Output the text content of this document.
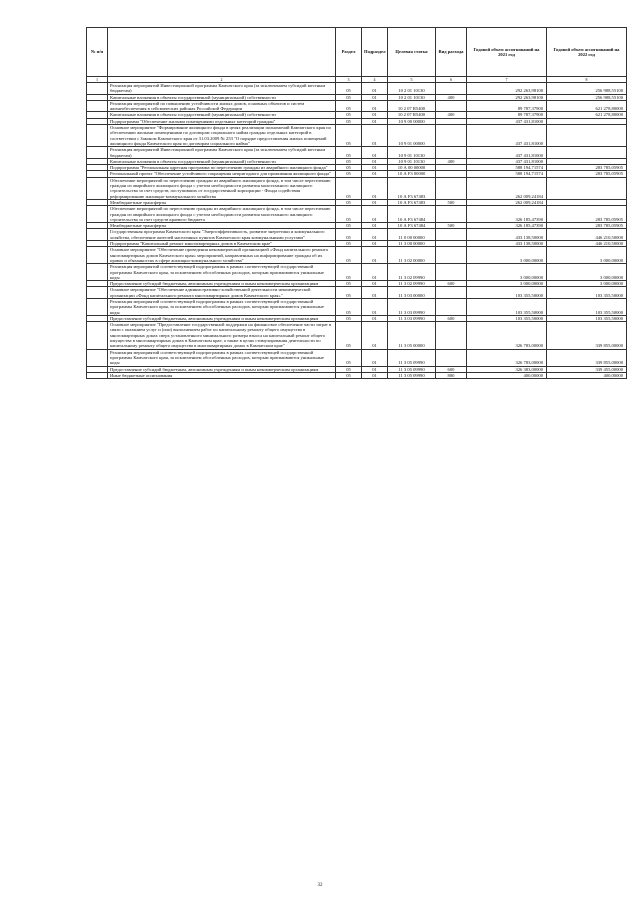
№ п/п		Раздел	Подраздел	Целевая статья	Вид расхода	Годовой объем ассигнований на 2021 год	Годовой объем ассигнований на 2022 год
1	2	3	4	5	6	7	8
	Реализация мероприятий Инвестиционной программы Камчатского края (за исключением субсидий местным бюджетам)	05	01	10 2 01 10130		292 263,98100	256 988,55100
	Капитальные вложения в объекты государственной (муниципальной) собственности	05	01	10 2 01 10130	400	292 263,98100	256 988,55100
	Реализация мероприятий по повышению устойчивости жилых домов, основных объектов и систем жизнеобеспечения в сейсмических районах Российской Федерации	05	01	10 2 07 R5400		89 787,37900	621 278,80000
	Капитальные вложения в объекты государственной (муниципальной) собственности	05	01	10 2 07 R5400	400	89 787,37900	621 278,80000
	Подпрограмма "Обеспечение жилыми помещениями отдельных категорий граждан"	05	01	10 9 00 00000		437 431,81000	
	Основное мероприятие "Формирование жилищного фонда в целях реализации полномочий Камчатского края по обеспечению жилыми помещениями по договорам социального найма граждан отдельных категорий в соответствии с Законом Камчатского края от 31.03.2009 № 253 "О порядке предоставления жилых помещений жилищного фонда Камчатского края по договорам социального найма"	05	01	10 9 01 00000		437 431,81000	
	Реализация мероприятий Инвестиционной программы Камчатского края (за исключением субсидий местным бюджетам)	05	01	10 9 01 10130		437 431,81000	
	Капитальные вложения в объекты государственной (муниципальной) собственности	05	01	10 9 01 10130	400	437 431,81000	
	Подпрограмма "Региональная адресная программа по переселению граждан из аварийного жилищного фонда"	05	01	10 А 00 00000		588 194,71574	283 785,05905
	Региональный проект "Обеспечение устойчивого сокращения непригодного для проживания жилищного фонда"	05	01	10 А F3 00000		588 194,71574	283 785,05905
	Обеспечение мероприятий по переселению граждан из аварийного жилищного фонда, в том числе переселению граждан из аварийного жилищного фонда с учетом необходимости развития малоэтажного жилищного строительства за счет средств, поступивших от государственной корпорации - Фонда содействия реформированию жилищно-коммунального хозяйства	05	01	10 А F3 67483		262 009,24184	
	Межбюджетные трансферты	05	01	10 А F3 67483	500	262 009,24184	
	Обеспечение мероприятий по переселению граждан из аварийного жилищного фонда, в том числе переселению граждан из аварийного жилищного фонда с учетом необходимости развития малоэтажного жилищного строительства за счет средств краевого бюджета	05	01	10 А F3 67484		326 185,47390	283 785,05905
	Межбюджетные трансферты	05	01	10 А F3 67484	500	326 185,47390	283 785,05905
	Государственная программа Камчатского края "Энергоэффективность, развитие энергетики и коммунального хозяйства, обеспечение жителей населенных пунктов Камчатского края коммунальными услугами"	05	01	11 0 00 00000		433 138,50000	446 210,50000
	Подпрограмма "Капитальный ремонт многоквартирных домов в Камчатском крае"	05	01	11 3 00 00000		433 138,50000	446 210,50000
	Основное мероприятие "Обеспечение проведения некоммерческой организацией «Фонд капитального ремонта многоквартирных домов Камчатского края» мероприятий, направленных на информирование граждан об их правах и обязанностях в сфере жилищно-коммунального хозяйства"	05	01	11 3 02 00000		3 000,00000	3 000,00000
	Реализация мероприятий соответствующей подпрограммы в рамках соответствующей государственной программы Камчатского края, за исключением обособленных расходов, которым присваиваются уникальные коды	05	01	11 3 02 09990		3 000,00000	3 000,00000
	Предоставление субсидий бюджетным, автономным учреждениям и иным некоммерческим организациям	05	01	11 3 02 09990	600	3 000,00000	3 000,00000
	Основное мероприятие "Обеспечение административно-хозяйственной деятельности некоммерческой организации «Фонд капитального ремонта многоквартирных домов Камчатского края»"	05	01	11 3 03 00000		103 355,50000	103 355,50000
	Реализация мероприятий соответствующей подпрограммы в рамках соответствующей государственной программы Камчатского края, за исключением обособленных расходов, которым присваиваются уникальные коды	05	01	11 3 03 09990		103 355,50000	103 355,50000
	Предоставление субсидий бюджетным, автономным учреждениям и иным некоммерческим организациям	05	01	11 3 03 09990	600	103 355,50000	103 355,50000
	Основное мероприятие "Предоставление государственной поддержки на финансовое обеспечение части затрат в связи с оказанием услуг и (или) выполнением работ по капитальному ремонту общего имущества в многоквартирных домах сверх установленного минимального размера взноса на капитальный ремонт общего имущества в многоквартирных домах в Камчатском крае, а также в целях стимулирования деятельности по капитальному ремонту общего имущества в многоквартирных домах в Камчатском крае"	05	01	11 3 05 00000		326 783,00000	339 855,00000
	Реализация мероприятий соответствующей подпрограммы в рамках соответствующей государственной программы Камчатского края, за исключением обособленных расходов, которым присваиваются уникальные коды	05	01	11 3 05 09990		326 783,00000	339 855,00000
	Предоставление субсидий бюджетным, автономным учреждениям и иным некоммерческим организациям	05	01	11 3 05 09990	600	326 383,00000	339 455,00000
	Иные бюджетные ассигнования	05	01	11 3 05 09990	800	400,00000	400,00000
32
